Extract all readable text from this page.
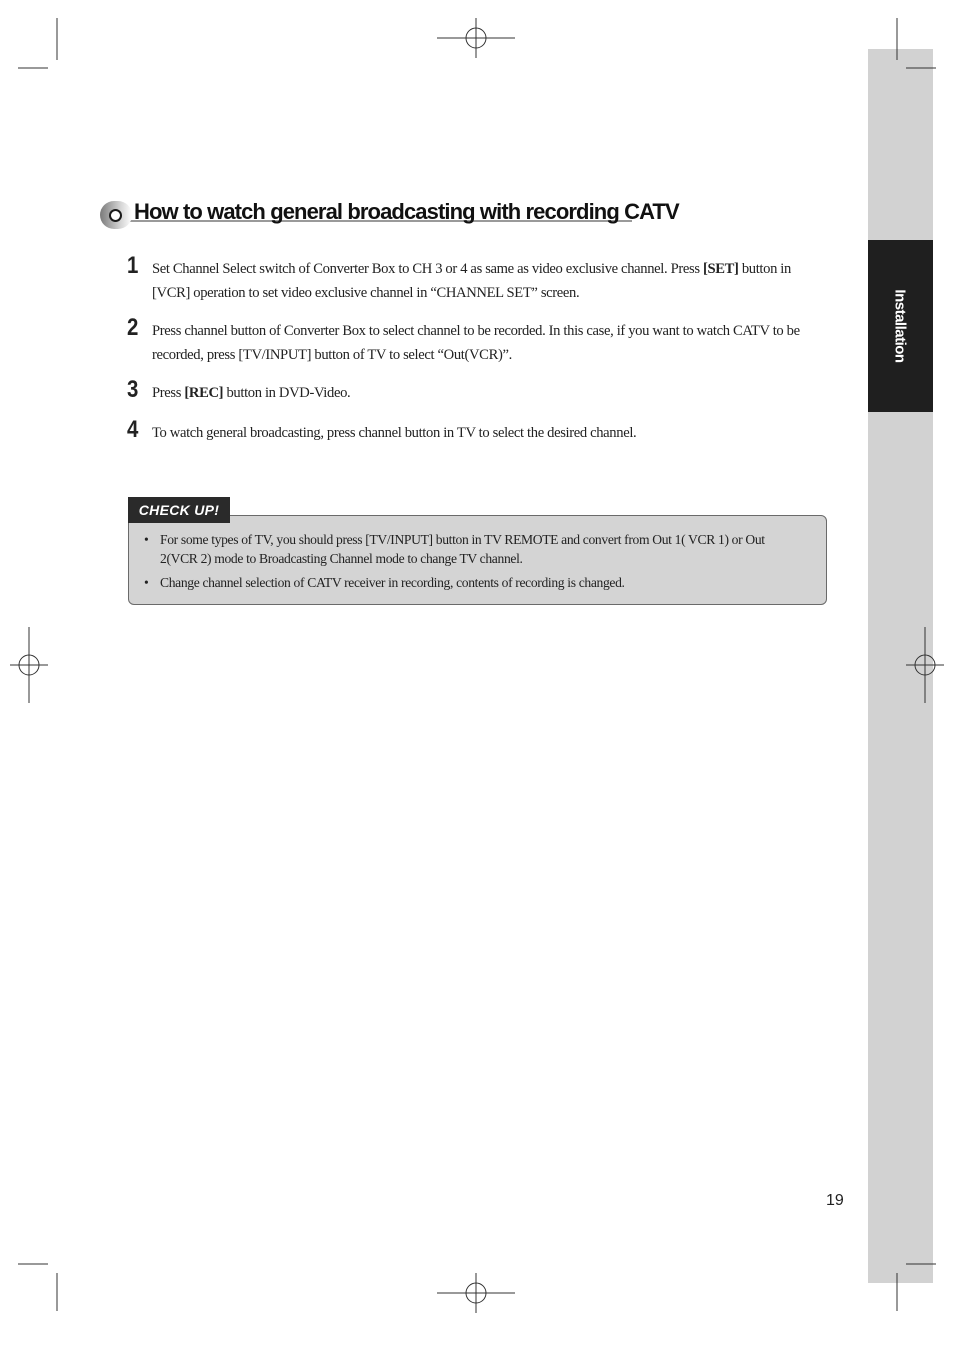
Installation
How to watch general broadcasting with recording CATV
1 Set Channel Select switch of Converter Box to CH 3 or 4 as same as video exclusive channel. Press [SET] button in [VCR] operation to set video exclusive channel in “CHANNEL SET” screen.
2 Press channel button of Converter Box to select channel to be recorded. In this case, if you want to watch CATV to be recorded, press [TV/INPUT] button of TV to select “Out(VCR)”.
3 Press [REC] button in DVD-Video.
4 To watch general broadcasting, press channel button in TV to select the desired channel.
CHECK UP!
• For some types of TV, you should press [TV/INPUT] button in TV REMOTE and convert from Out 1( VCR 1) or Out 2(VCR 2) mode to Broadcasting Channel mode to change TV channel.
• Change channel selection of CATV receiver in recording, contents of recording is changed.
19
